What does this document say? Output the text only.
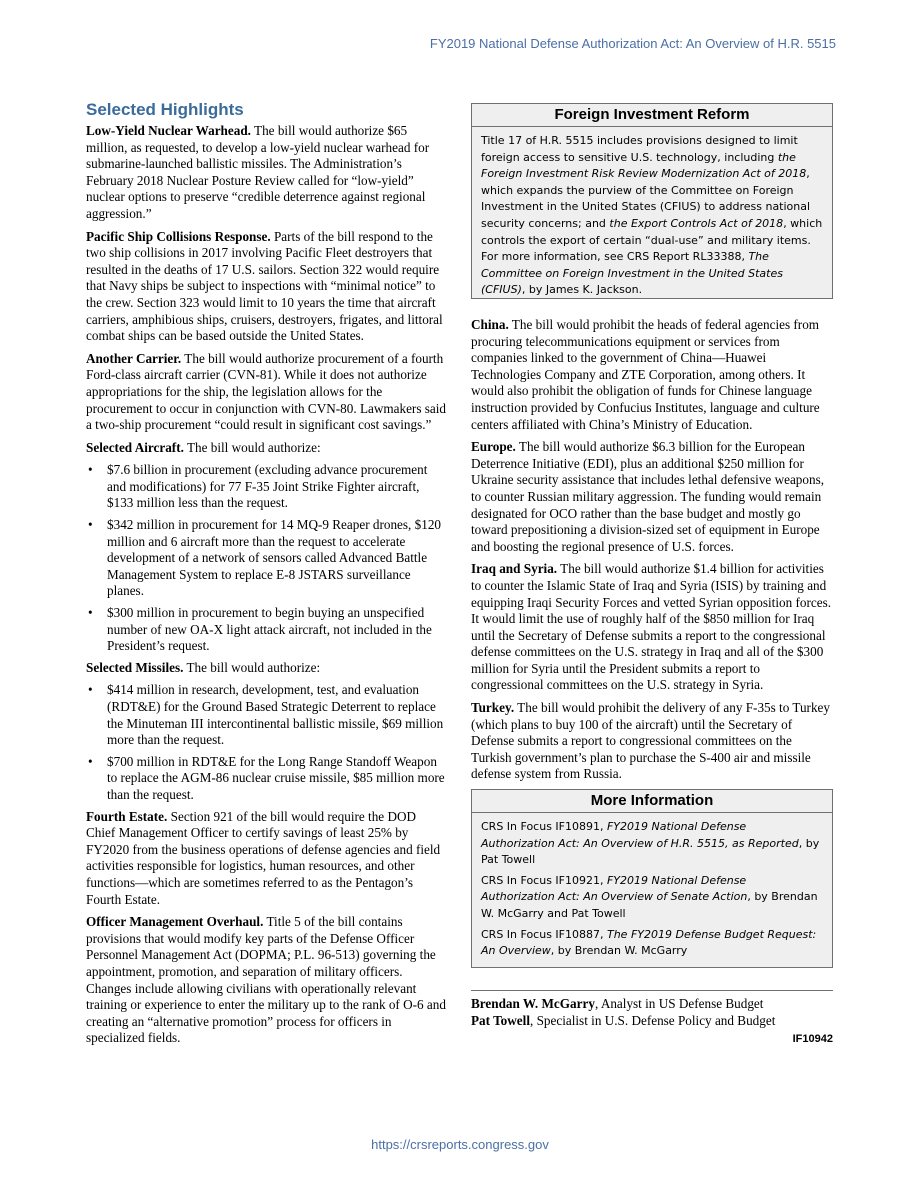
FY2019 National Defense Authorization Act: An Overview of H.R. 5515
Selected Highlights

Low-Yield Nuclear Warhead. The bill would authorize $65 million, as requested, to develop a low-yield nuclear warhead for submarine-launched ballistic missiles. The Administration’s February 2018 Nuclear Posture Review called for “low-yield” nuclear options to preserve “credible deterrence against regional aggression.”

Pacific Ship Collisions Response. Parts of the bill respond to the two ship collisions in 2017 involving Pacific Fleet destroyers that resulted in the deaths of 17 U.S. sailors. Section 322 would require that Navy ships be subject to inspections with “minimal notice” to the crew. Section 323 would limit to 10 years the time that aircraft carriers, amphibious ships, cruisers, destroyers, frigates, and littoral combat ships can be based outside the United States.

Another Carrier. The bill would authorize procurement of a fourth Ford-class aircraft carrier (CVN-81). While it does not authorize appropriations for the ship, the legislation allows for the procurement to occur in conjunction with CVN-80. Lawmakers said a two-ship procurement “could result in significant cost savings.”

Selected Aircraft. The bill would authorize:

• $7.6 billion in procurement (excluding advance procurement and modifications) for 77 F-35 Joint Strike Fighter aircraft, $133 million less than the request.
• $342 million in procurement for 14 MQ-9 Reaper drones, $120 million and 6 aircraft more than the request to accelerate development of a network of sensors called Advanced Battle Management System to replace E-8 JSTARS surveillance planes.
• $300 million in procurement to begin buying an unspecified number of new OA-X light attack aircraft, not included in the President’s request.

Selected Missiles. The bill would authorize:

• $414 million in research, development, test, and evaluation (RDT&E) for the Ground Based Strategic Deterrent to replace the Minuteman III intercontinental ballistic missile, $69 million more than the request.
• $700 million in RDT&E for the Long Range Standoff Weapon to replace the AGM-86 nuclear cruise missile, $85 million more than the request.

Fourth Estate. Section 921 of the bill would require the DOD Chief Management Officer to certify savings of least 25% by FY2020 from the business operations of defense agencies and field activities responsible for logistics, human resources, and other functions—which are sometimes referred to as the Pentagon’s Fourth Estate.

Officer Management Overhaul. Title 5 of the bill contains provisions that would modify key parts of the Defense Officer Personnel Management Act (DOPMA; P.L. 96-513) governing the appointment, promotion, and separation of military officers. Changes include allowing civilians with operationally relevant training or experience to enter the military up to the rank of O-6 and creating an “alternative promotion” process for officers in specialized fields.

Foreign Investment Reform
Title 17 of H.R. 5515 includes provisions designed to limit foreign access to sensitive U.S. technology, including the Foreign Investment Risk Review Modernization Act of 2018, which expands the purview of the Committee on Foreign Investment in the United States (CFIUS) to address national security concerns; and the Export Controls Act of 2018, which controls the export of certain “dual-use” and military items. For more information, see CRS Report RL33388, The Committee on Foreign Investment in the United States (CFIUS), by James K. Jackson.

China. The bill would prohibit the heads of federal agencies from procuring telecommunications equipment or services from companies linked to the government of China—Huawei Technologies Company and ZTE Corporation, among others. It would also prohibit the obligation of funds for Chinese language instruction provided by Confucius Institutes, language and culture centers affiliated with China’s Ministry of Education.

Europe. The bill would authorize $6.3 billion for the European Deterrence Initiative (EDI), plus an additional $250 million for Ukraine security assistance that includes lethal defensive weapons, to counter Russian military aggression. The funding would remain designated for OCO rather than the base budget and mostly go toward prepositioning a division-sized set of equipment in Europe and boosting the regional presence of U.S. forces.

Iraq and Syria. The bill would authorize $1.4 billion for activities to counter the Islamic State of Iraq and Syria (ISIS) by training and equipping Iraqi Security Forces and vetted Syrian opposition forces. It would limit the use of roughly half of the $850 million for Iraq until the Secretary of Defense submits a report to the congressional defense committees on the U.S. strategy in Iraq and all of the $300 million for Syria until the President submits a report to congressional committees on the U.S. strategy in Syria.

Turkey. The bill would prohibit the delivery of any F-35s to Turkey (which plans to buy 100 of the aircraft) until the Secretary of Defense submits a report to congressional committees on the Turkish government’s plan to purchase the S-400 air and missile defense system from Russia.

More Information
CRS In Focus IF10891, FY2019 National Defense Authorization Act: An Overview of H.R. 5515, as Reported, by Pat Towell
CRS In Focus IF10921, FY2019 National Defense Authorization Act: An Overview of Senate Action, by Brendan W. McGarry and Pat Towell
CRS In Focus IF10887, The FY2019 Defense Budget Request: An Overview, by Brendan W. McGarry
Brendan W. McGarry, Analyst in US Defense Budget
Pat Towell, Specialist in U.S. Defense Policy and Budget
IF10942
https://crsreports.congress.gov
